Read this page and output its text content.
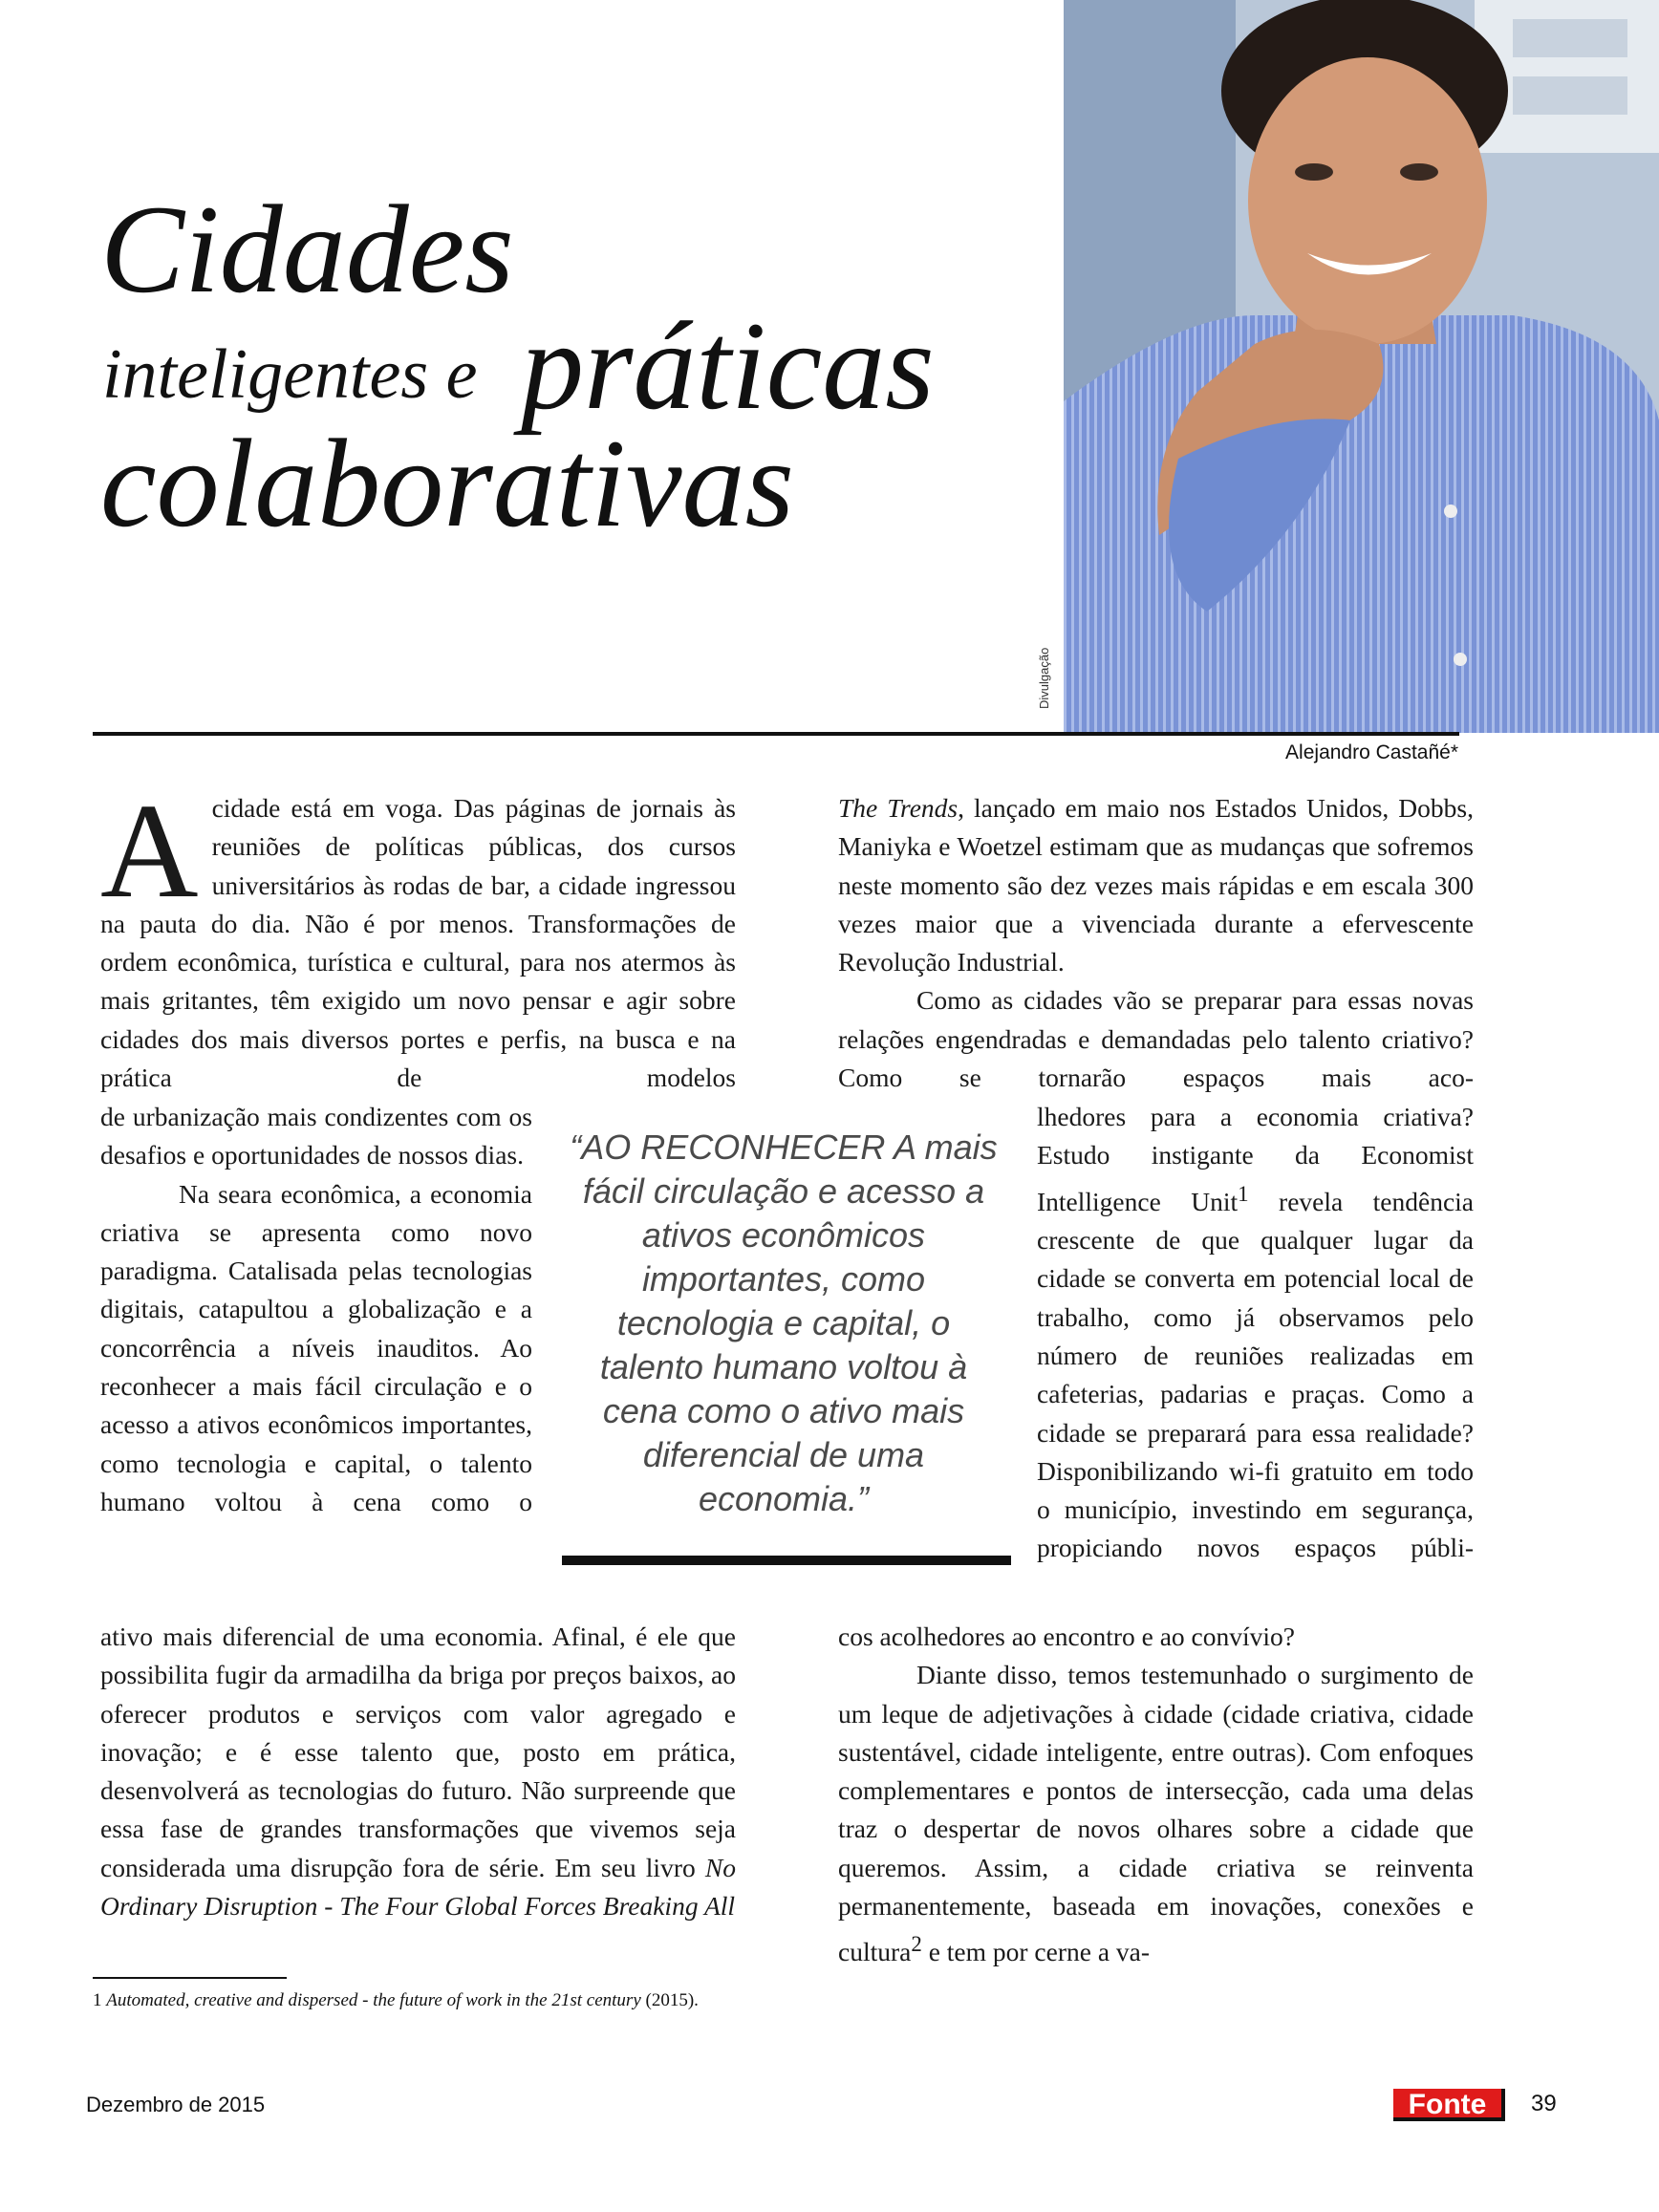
Cidades
inteligentes e práticas
colaborativas
Divulgação
Alejandro Castañé*

Acidade está em voga. Das páginas de jornais às reuniões de políticas públicas, dos cursos universitários às rodas de bar, a cidade ingressou na pauta do dia. Não é por menos. Transformações de ordem econômica, turística e cultural, para nos atermos às mais gritantes, têm exigido um novo pensar e agir sobre cidades dos mais diversos portes e perfis, na busca e na prática de modelos

de urbanização mais condizentes com os desafios e oportunidades de nossos dias.

Na seara econômica, a economia criativa se apresenta como novo paradigma. Catalisada pelas tecnologias digitais, catapultou a globalização e a concorrência a níveis inauditos. Ao reconhecer a mais fácil circulação e o acesso a ativos econômicos importantes, como tecnologia e capital, o talento humano voltou à cena como o

ativo mais diferencial de uma economia. Afinal, é ele que possibilita fugir da armadilha da briga por preços baixos, ao oferecer produtos e serviços com valor agregado e inovação; e é esse talento que, posto em prática, desenvolverá as tecnologias do futuro. Não surpreende que essa fase de grandes transformações que vivemos seja considerada uma disrupção fora de série. Em seu livro No Ordinary Disruption - The Four Global Forces Breaking All

The Trends, lançado em maio nos Estados Unidos, Dobbs, Maniyka e Woetzel estimam que as mudanças que sofremos neste momento são dez vezes mais rápidas e em escala 300 vezes maior que a vivenciada durante a efervescente Revolução Industrial.

Como as cidades vão se preparar para essas novas relações engendradas e demandadas pelo talento criativo? Como se tornarão espaços mais aco-

lhedores para a economia criativa? Estudo instigante da Economist Intelligence Unit$^1$ revela tendência crescente de que qualquer lugar da cidade se converta em potencial local de trabalho, como já observamos pelo número de reuniões realizadas em cafeterias, padarias e praças. Como a cidade se preparará para essa realidade? Disponibilizando wi-fi gratuito em todo o município, investindo em segurança, propiciando novos espaços públi-

cos acolhedores ao encontro e ao convívio?

Diante disso, temos testemunhado o surgimento de um leque de adjetivações à cidade (cidade criativa, cidade sustentável, cidade inteligente, entre outras). Com enfoques complementares e pontos de intersecção, cada uma delas traz o despertar de novos olhares sobre a cidade que queremos. Assim, a cidade criativa se reinventa permanentemente, baseada em inovações, conexões e cultura$^2$ e tem por cerne a va-

“AO RECONHECER A mais fácil circulação e acesso a ativos econômicos importantes, como tecnologia e capital, o talento humano voltou à cena como o ativo mais diferencial de uma economia.”
1 Automated, creative and dispersed - the future of work in the 21st century (2015).
Dezembro de 2015	Fonte	39
